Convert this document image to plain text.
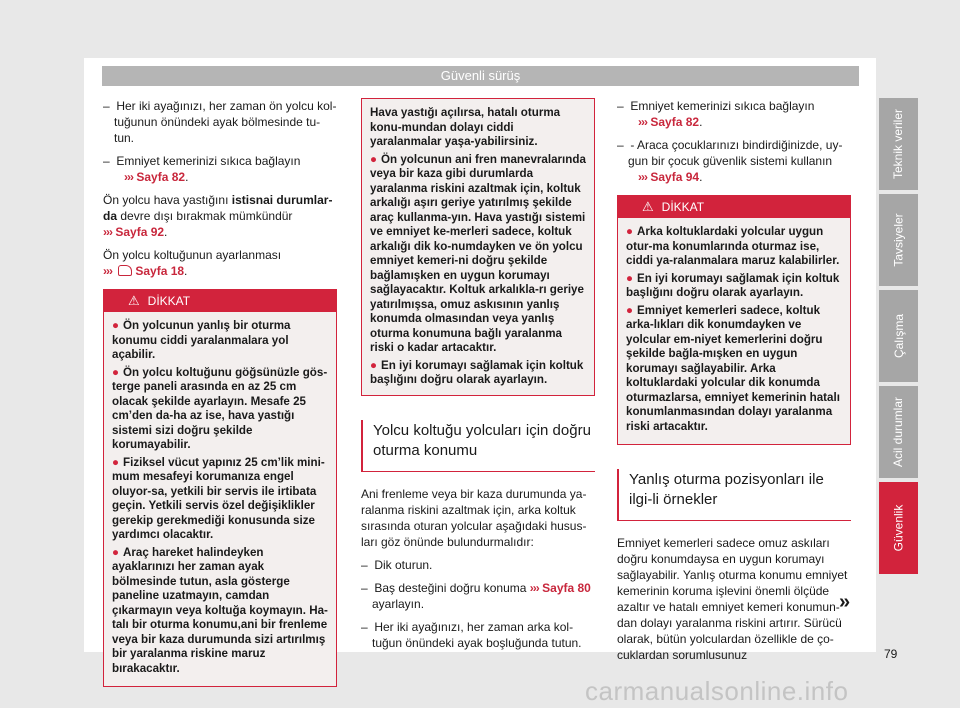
Güvenli sürüş

–  Her iki ayağınızı, her zaman ön yolcu kol-tuğunun önündeki ayak bölmesinde tu-tun.

–  Emniyet kemerinizi sıkıca bağlayın
››› Sayfa 82.

Ön yolcu hava yastığını istisnai durumlar-da devre dışı bırakmak mümkündür
››› Sayfa 92.

Ön yolcu koltuğunun ayarlanması
››› Sayfa 18.

⚠ DİKKAT
● Ön yolcunun yanlış bir oturma konumu ciddi yaralanmalara yol açabilir.
● Ön yolcu koltuğunu göğsünüzle gös-terge paneli arasında en az 25 cm olacak şekilde ayarlayın. Mesafe 25 cm’den da-ha az ise, hava yastığı sistemi sizi doğru şekilde korumayabilir.
● Fiziksel vücut yapınız 25 cm’lik mini-mum mesafeyi korumanıza engel oluyor-sa, yetkili bir servis ile irtibata geçin. Yetkili servis özel değişiklikler gerekip gerekmediği konusunda size yardımcı olacaktır.
● Araç hareket halindeyken ayaklarınızı her zaman ayak bölmesinde tutun, asla gösterge paneline uzatmayın, camdan çıkarmayın veya koltuğa koymayın. Ha-talı bir oturma konumu,ani bir frenleme veya bir kaza durumunda sizi artırılmış bir yaralanma riskine maruz bırakacaktır.
Hava yastığı açılırsa, hatalı oturma konu-mundan dolayı ciddi yaralanmalar yaşa-yabilirsiniz.
● Ön yolcunun ani fren manevralarında veya bir kaza gibi durumlarda yaralanma riskini azaltmak için, koltuk arkalığı aşırı geriye yatırılmış şekilde araç kullanma-yın. Hava yastığı sistemi ve emniyet ke-merleri sadece, koltuk arkalığı dik ko-numdayken ve ön yolcu emniyet kemeri-ni doğru şekilde bağlamışken en uygun korumayı sağlayacaktır. Koltuk arkalıkla-rı geriye yatırılmışsa, omuz askısının yanlış konumda olmasından veya yanlış oturma konumuna bağlı yaralanma riski o kadar artacaktır.
● En iyi korumayı sağlamak için koltuk başlığını doğru olarak ayarlayın.
Yolcu koltuğu yolcuları için doğru oturma konumu

Ani frenleme veya bir kaza durumunda ya-ralanma riskini azaltmak için, arka koltuk sırasında oturan yolcular aşağıdaki husus-ları göz önünde bulundurmalıdır:

–  Dik oturun.

–  Baş desteğini doğru konuma ››› Sayfa 80 ayarlayın.

–  Her iki ayağınızı, her zaman arka kol-tuğun önündeki ayak boşluğunda tutun.

–  Emniyet kemerinizi sıkıca bağlayın
››› Sayfa 82.

–  - Araca çocuklarınızı bindirdiğinizde, uy-gun bir çocuk güvenlik sistemi kullanın
››› Sayfa 94.

⚠ DİKKAT
● Arka koltuklardaki yolcular uygun otur-ma konumlarında oturmaz ise, ciddi ya-ralanmalara maruz kalabilirler.
● En iyi korumayı sağlamak için koltuk başlığını doğru olarak ayarlayın.
● Emniyet kemerleri sadece, koltuk arka-lıkları dik konumdayken ve yolcular em-niyet kemerlerini doğru şekilde bağla-mışken en uygun korumayı sağlayabilir. Arka koltuklardaki yolcular dik konumda oturmazlarsa, emniyet kemerinin hatalı konumlanmasından dolayı yaralanma riski artacaktır.
Yanlış oturma pozisyonları ile ilgi-li örnekler

Emniyet kemerleri sadece omuz askıları doğru konumdaysa en uygun korumayı sağlayabilir. Yanlış oturma konumu emniyet kemerinin koruma işlevini önemli ölçüde azaltır ve hatalı emniyet kemeri konumun-dan dolayı yaralanma riskini artırır. Sürücü olarak, bütün yolculardan özellikle de ço-cuklardan sorumlusunuz

Teknik veriler
Tavsiyeler
Çalışma
Acil durumlar
Güvenlik
»
79
carmanualsonline.info
